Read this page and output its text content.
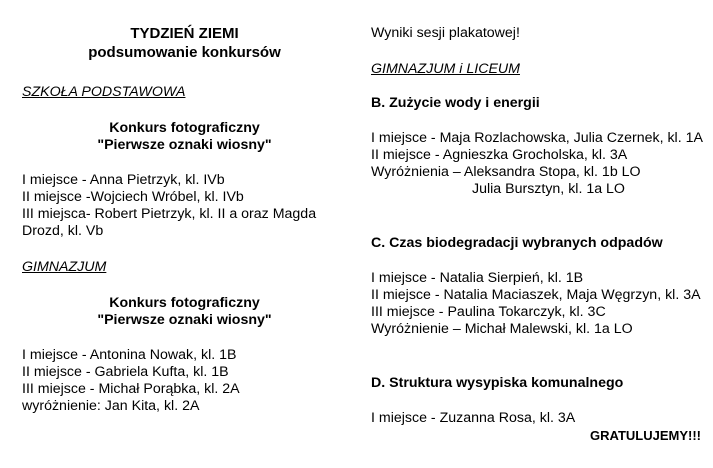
TYDZIEŃ ZIEMI
podsumowanie konkursów
SZKOŁA PODSTAWOWA
Konkurs fotograficzny
"Pierwsze oznaki wiosny"
I miejsce - Anna Pietrzyk, kl. IVb
II miejsce -Wojciech Wróbel, kl. IVb
III miejsca- Robert Pietrzyk, kl. II a oraz Magda Drozd, kl. Vb
GIMNAZJUM
Konkurs fotograficzny
"Pierwsze oznaki wiosny"
I miejsce - Antonina Nowak, kl. 1B
II miejsce - Gabriela Kufta, kl. 1B
III miejsce - Michał Porąbka, kl. 2A
wyróżnienie: Jan Kita, kl. 2A
Wyniki sesji plakatowej!
GIMNAZJUM i LICEUM
B. Zużycie wody i energii
I miejsce - Maja Rozlachowska, Julia Czernek, kl. 1A
II miejsce - Agnieszka Grocholska, kl. 3A
Wyróżnienia – Aleksandra Stopa, kl. 1b LO
Julia Bursztyn, kl. 1a LO
C. Czas biodegradacji wybranych odpadów
I miejsce - Natalia Sierpień, kl. 1B
II miejsce - Natalia Maciaszek, Maja Węgrzyn, kl. 3A
III miejsce - Paulina Tokarczyk, kl. 3C
Wyróżnienie – Michał Malewski, kl. 1a LO
D. Struktura wysypiska komunalnego
I miejsce - Zuzanna Rosa, kl. 3A
GRATULUJEMY!!!
